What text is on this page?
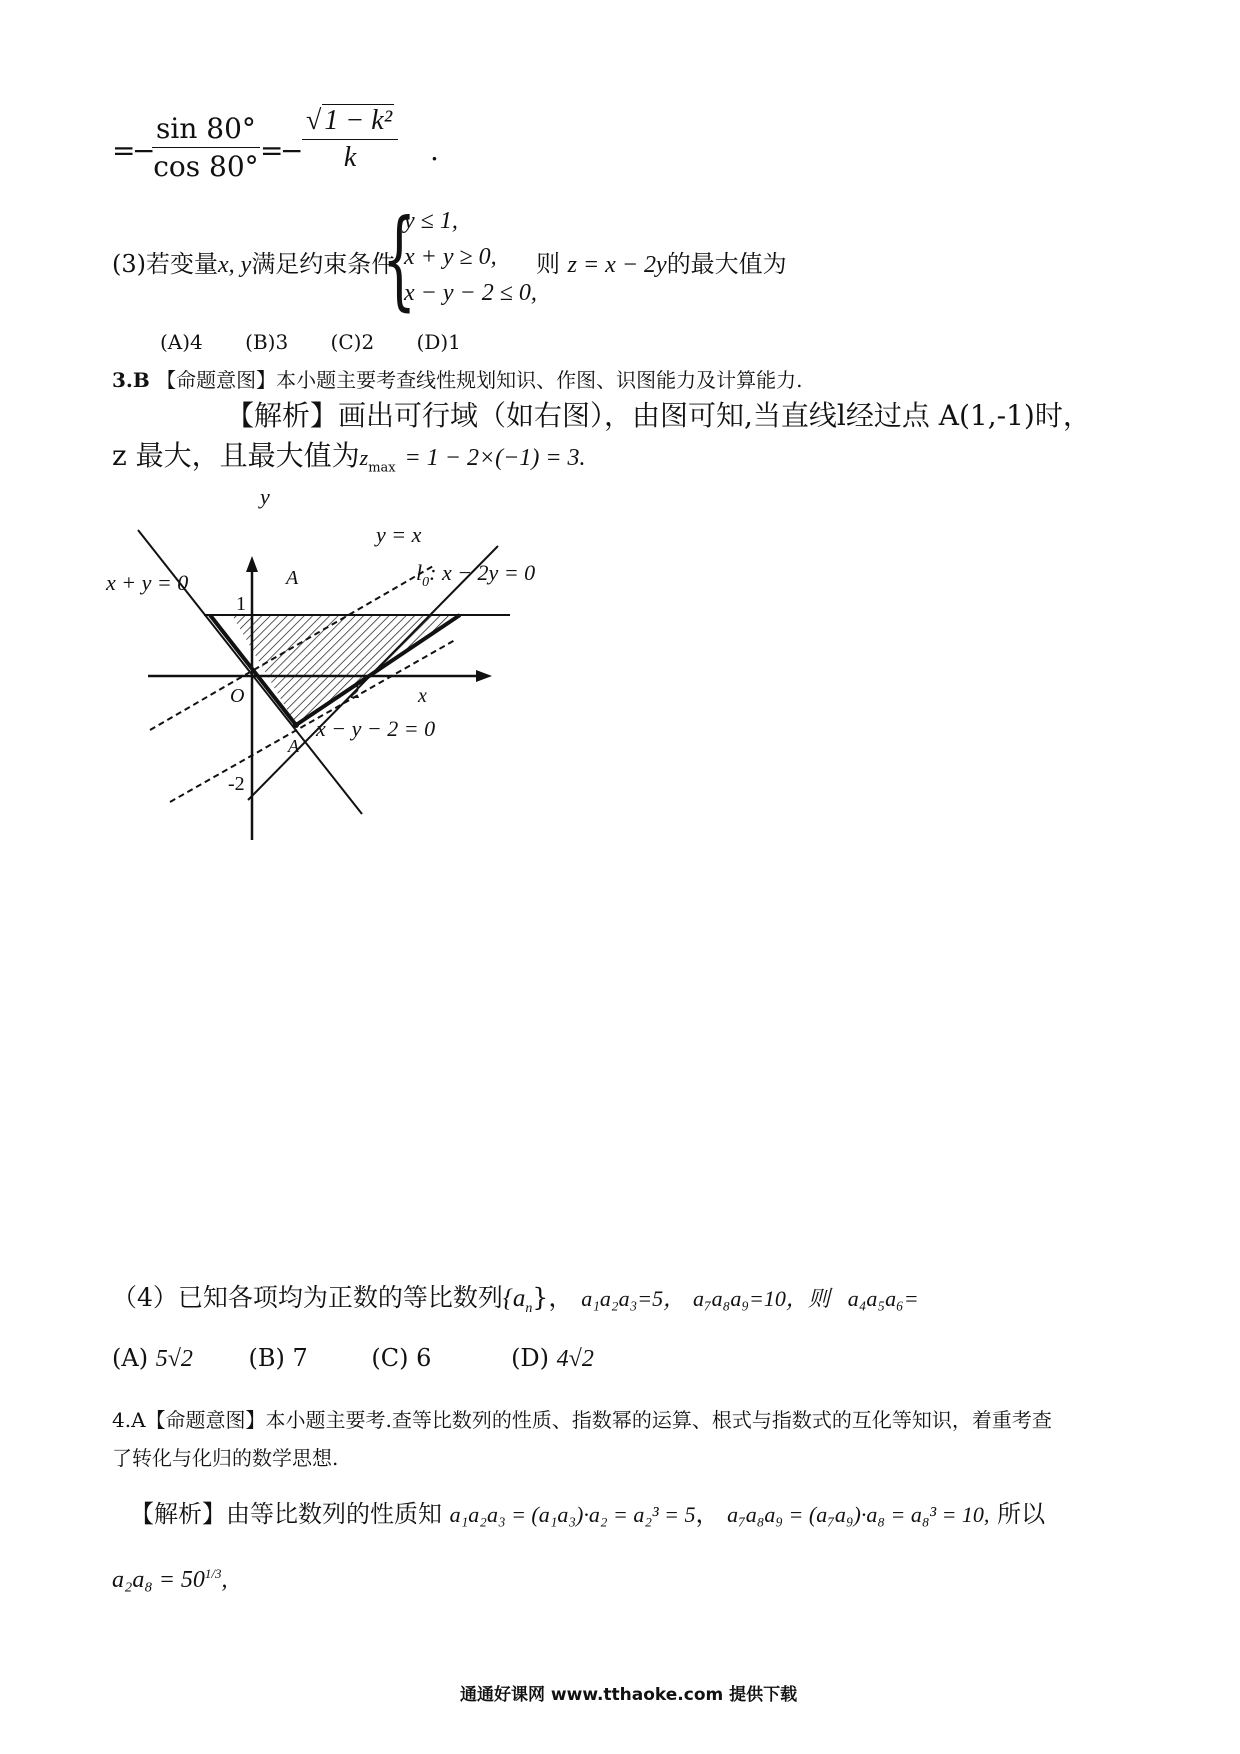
=
−
$\frac{\sin 80^\circ}{\cos 80^\circ}$ =
−
$\frac{\text{√ 1 − k²}}{k}$ .
(3)若变量x, y满足约束条件
{
y ≤ 1,
x + y ≥ 0,
x − y − 2 ≤ 0,
则 z = x − 2y的最大值为
(A)4 (B)3 (C)2 (D)1
3.B 【命题意图】本小题主要考查线性规划知识、作图、识图能力及计算能力.
【解析】画出可行域（如右图），由图可知,当直线l经过点 A(1,-1)时，
z 最大，且最大值为$z_{max} = 1 - 2\times(-1) = 3$.
y
x
O
y = x
x + y = 0	$l_0$: x − 2y = 0
x − y − 2 = 0
A
A
1
2
-2
（4）已知各项均为正数的等比数列$\{a_n\}$， a₁a₂a₃=5， a₇a₈a₉=10，则 a₄a₅a₆=
(A) 5√2 (B) 7	(C) 6	(D) 4√2
4.A【命题意图】本小题主要考.查等比数列的性质、指数幂的运算、根式与指数式的互化等知识，着重考查
了转化与化归的数学思想.
【解析】由等比数列的性质知 a₁a₂a₃ = (a₁a₃)·a₂ = a₂³ = 5， a₇a₈a₉ = (a₇a₉)·a₈ = a₈³ = 10, 所以
$a_2a_8 = 50^{1/3}$,
通通好课网 www.tthaoke.com 提供下载
